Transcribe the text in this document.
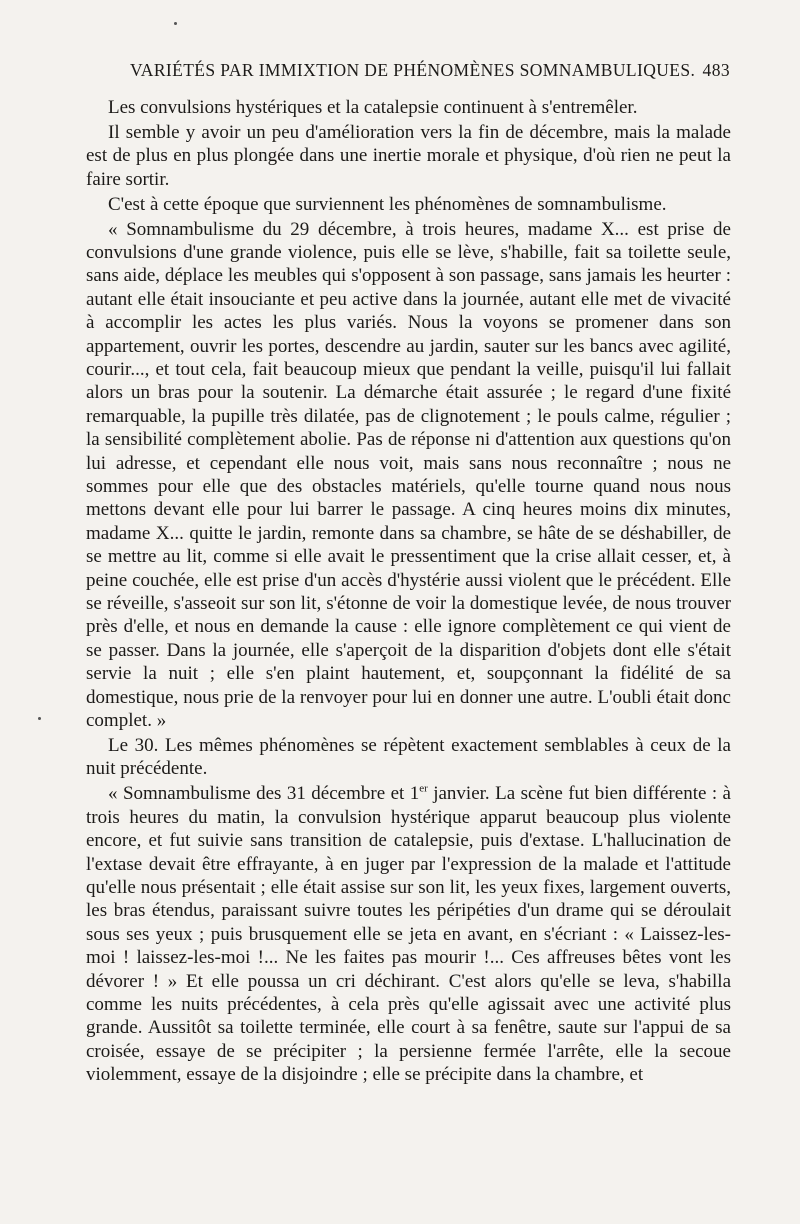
VARIÉTÉS PAR IMMIXTION DE PHÉNOMÈNES SOMNAMBULIQUES. 483

Les convulsions hystériques et la catalepsie continuent à s'entremêler.

Il semble y avoir un peu d'amélioration vers la fin de décembre, mais la malade est de plus en plus plongée dans une inertie morale et physique, d'où rien ne peut la faire sortir.

C'est à cette époque que surviennent les phénomènes de somnambulisme.

« Somnambulisme du 29 décembre, à trois heures, madame X... est prise de convulsions d'une grande violence, puis elle se lève, s'habille, fait sa toilette seule, sans aide, déplace les meubles qui s'opposent à son passage, sans jamais les heurter : autant elle était insouciante et peu active dans la journée, autant elle met de vivacité à accomplir les actes les plus variés. Nous la voyons se promener dans son appartement, ouvrir les portes, descendre au jardin, sauter sur les bancs avec agilité, courir..., et tout cela, fait beaucoup mieux que pendant la veille, puisqu'il lui fallait alors un bras pour la soutenir. La démarche était assurée ; le regard d'une fixité remarquable, la pupille très dilatée, pas de clignotement ; le pouls calme, régulier ; la sensibilité complètement abolie. Pas de réponse ni d'attention aux questions qu'on lui adresse, et cependant elle nous voit, mais sans nous reconnaître ; nous ne sommes pour elle que des obstacles matériels, qu'elle tourne quand nous nous mettons devant elle pour lui barrer le passage. A cinq heures moins dix minutes, madame X... quitte le jardin, remonte dans sa chambre, se hâte de se déshabiller, de se mettre au lit, comme si elle avait le pressentiment que la crise allait cesser, et, à peine couchée, elle est prise d'un accès d'hystérie aussi violent que le précédent. Elle se réveille, s'asseoit sur son lit, s'étonne de voir la domestique levée, de nous trouver près d'elle, et nous en demande la cause : elle ignore complètement ce qui vient de se passer. Dans la journée, elle s'aperçoit de la disparition d'objets dont elle s'était servie la nuit ; elle s'en plaint hautement, et, soupçonnant la fidélité de sa domestique, nous prie de la renvoyer pour lui en donner une autre. L'oubli était donc complet. »

Le 30. Les mêmes phénomènes se répètent exactement semblables à ceux de la nuit précédente.

« Somnambulisme des 31 décembre et 1er janvier. La scène fut bien différente : à trois heures du matin, la convulsion hystérique apparut beaucoup plus violente encore, et fut suivie sans transition de catalepsie, puis d'extase. L'hallucination de l'extase devait être effrayante, à en juger par l'expression de la malade et l'attitude qu'elle nous présentait ; elle était assise sur son lit, les yeux fixes, largement ouverts, les bras étendus, paraissant suivre toutes les péripéties d'un drame qui se déroulait sous ses yeux ; puis brusquement elle se jeta en avant, en s'écriant : « Laissez-les-moi ! laissez-les-moi !... Ne les faites pas mourir !... Ces affreuses bêtes vont les dévorer ! » Et elle poussa un cri déchirant. C'est alors qu'elle se leva, s'habilla comme les nuits précédentes, à cela près qu'elle agissait avec une activité plus grande. Aussitôt sa toilette terminée, elle court à sa fenêtre, saute sur l'appui de sa croisée, essaye de se précipiter ; la persienne fermée l'arrête, elle la secoue violemment, essaye de la disjoindre ; elle se précipite dans la chambre, et
